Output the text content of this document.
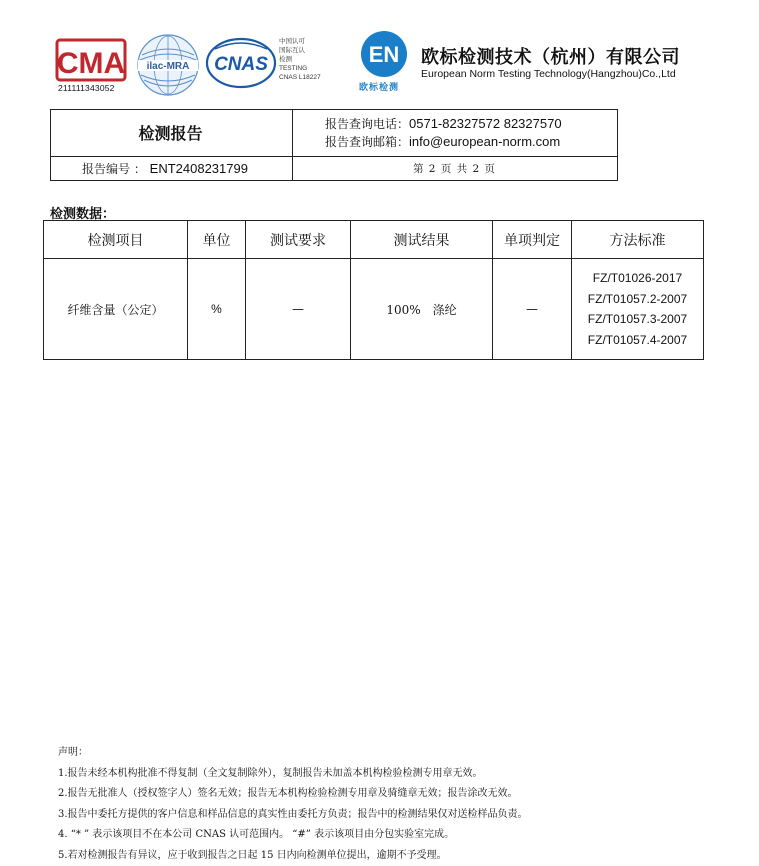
CMA
211111343052
ilac-MRA CNAS
中国认可
国际互认
检测
TESTING
CNAS L18227
EN
欧标检测
欧标检测技术（杭州）有限公司
European Norm Testing Technology(Hangzhou)Co.,Ltd
检测报告	报告查询电话：0571-82327572 82327570
报告查询邮箱：info@european-norm.com
报告编号 ： ENT2408231799	第 2 页 共 2 页
检测数据：
检测项目	单位	测试要求	测试结果	单项判定	方法标准
纤维含量（公定）	%	—	100%　涤纶	—	FZ/T01026-2017
FZ/T01057.2-2007
FZ/T01057.3-2007
FZ/T01057.4-2007
声明：
1.报告未经本机构批准不得复制（全文复制除外），复制报告未加盖本机构检验检测专用章无效。
2.报告无批准人（授权签字人）签名无效；报告无本机构检验检测专用章及骑缝章无效；报告涂改无效。
3.报告中委托方提供的客户信息和样品信息的真实性由委托方负责；报告中的检测结果仅对送检样品负责。
4. “* ” 表示该项目不在本公司 CNAS 认可范围内。 “#” 表示该项目由分包实验室完成。
5.若对检测报告有异议，应于收到报告之日起 15 日内向检测单位提出，逾期不予受理。
